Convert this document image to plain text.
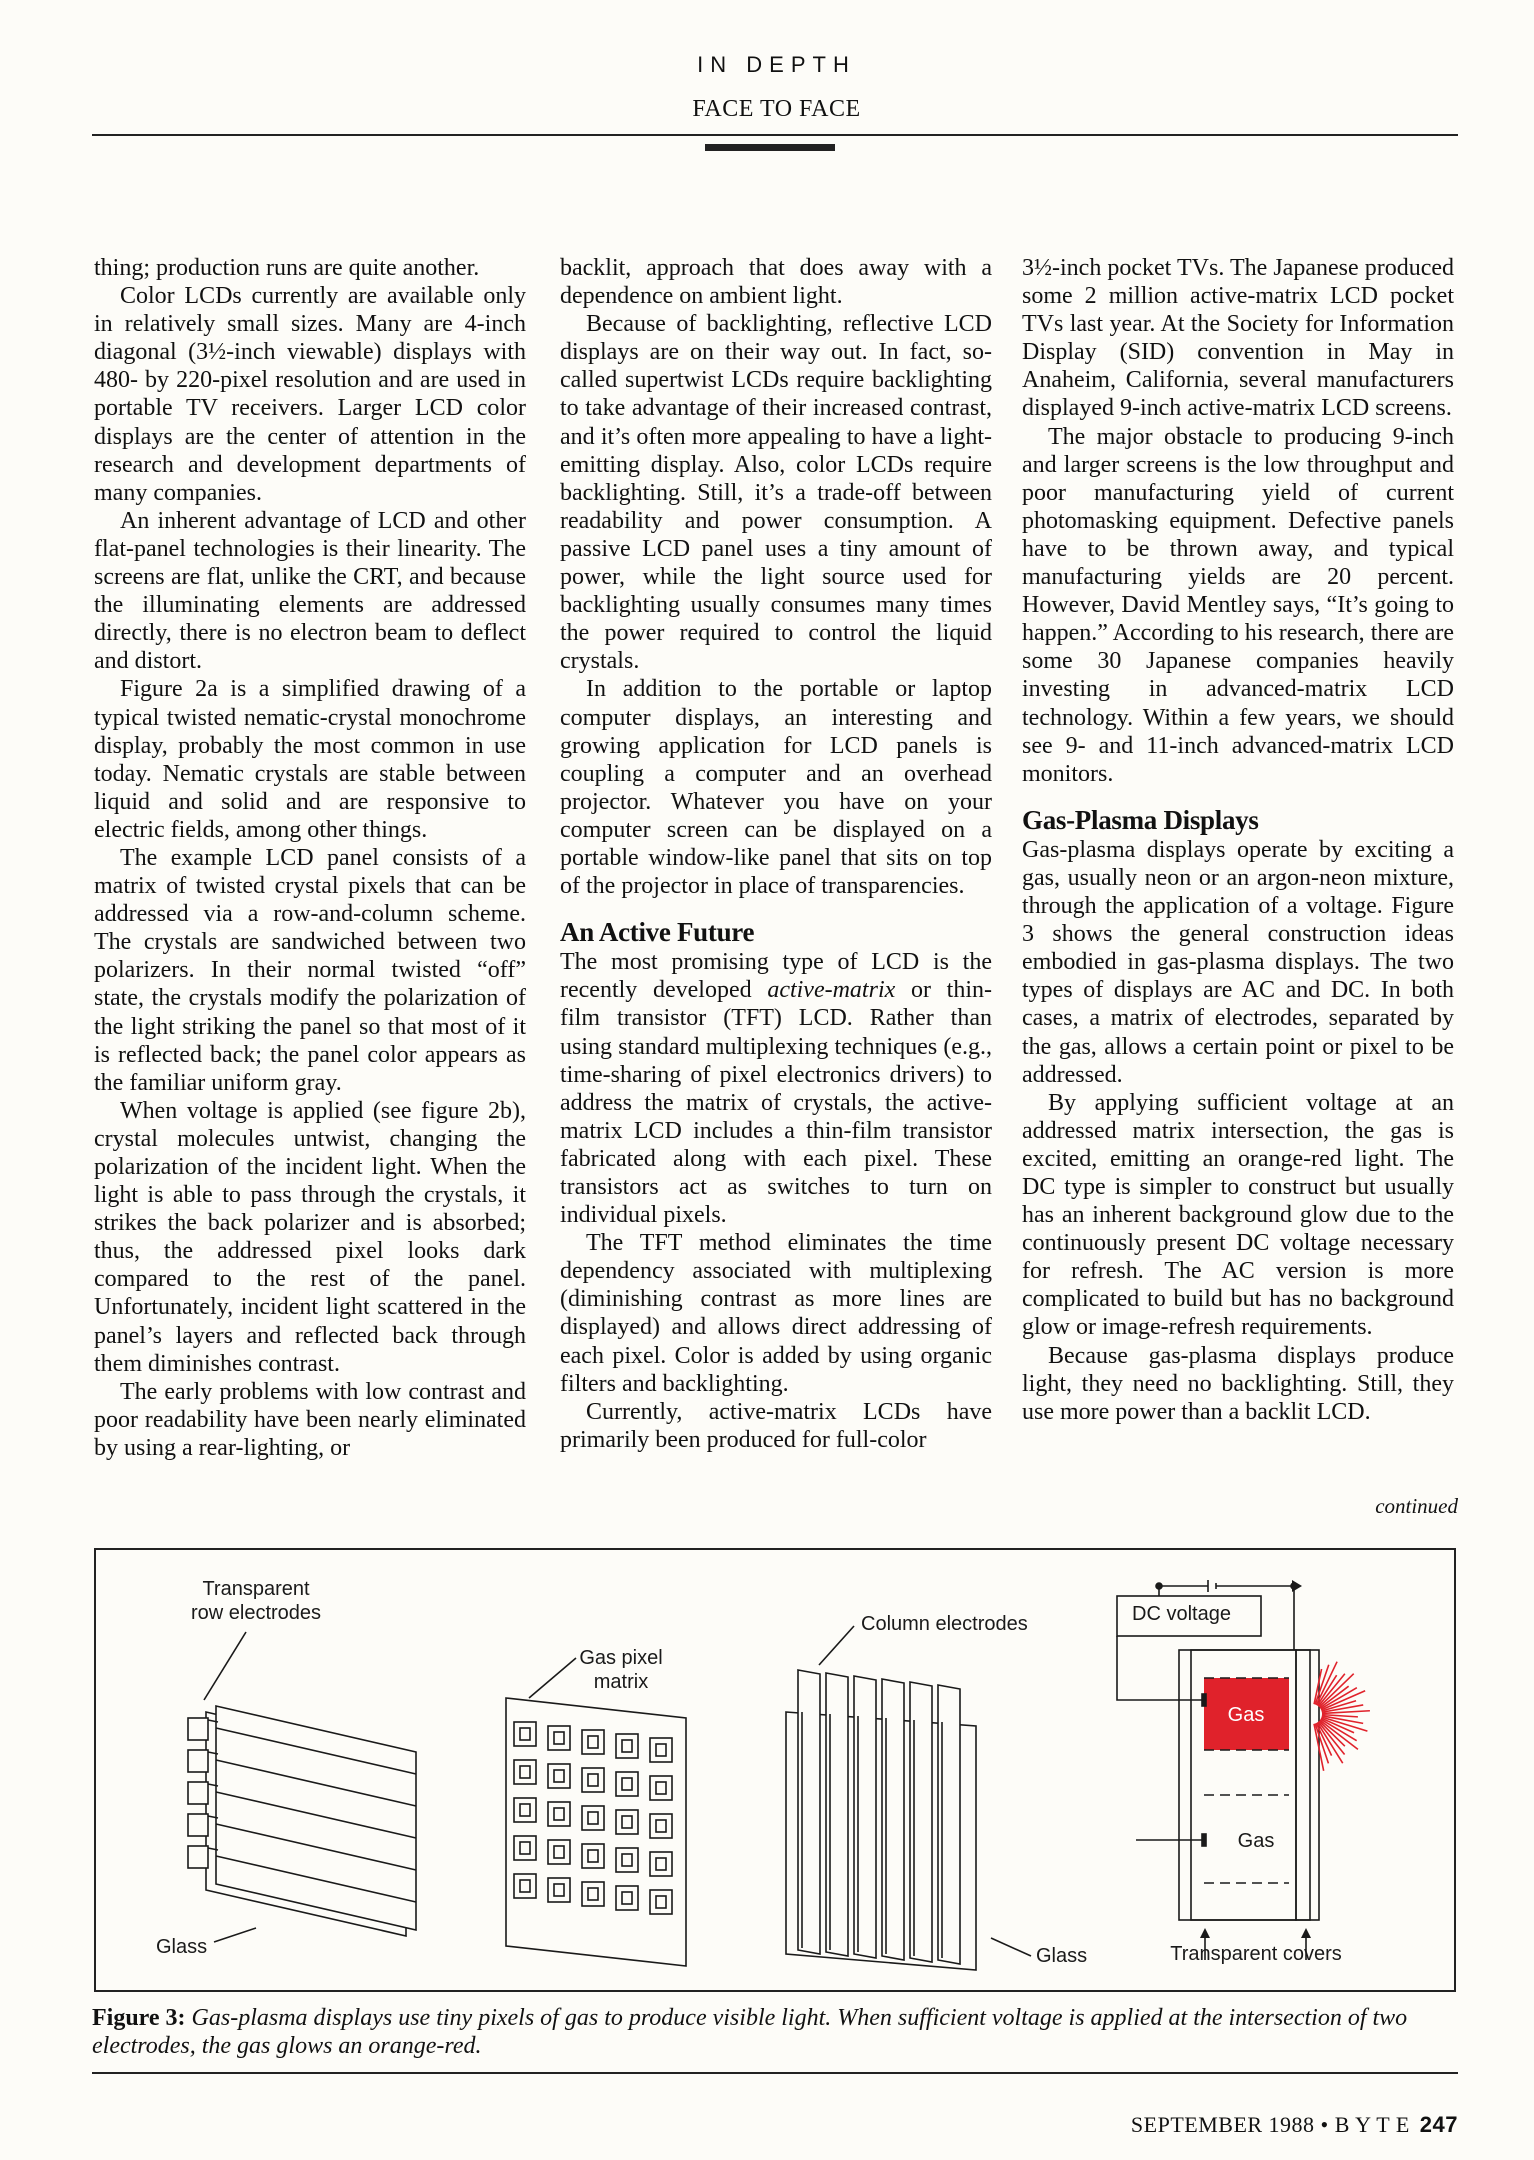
IN DEPTH
FACE TO FACE

thing; production runs are quite another.

Color LCDs currently are available only in relatively small sizes. Many are 4-inch diagonal (3½-inch viewable) displays with 480- by 220-pixel resolution and are used in portable TV receivers. Larger LCD color displays are the center of attention in the research and development departments of many companies.

An inherent advantage of LCD and other flat-panel technologies is their linearity. The screens are flat, unlike the CRT, and because the illuminating elements are addressed directly, there is no electron beam to deflect and distort.

Figure 2a is a simplified drawing of a typical twisted nematic-crystal monochrome display, probably the most common in use today. Nematic crystals are stable between liquid and solid and are responsive to electric fields, among other things.

The example LCD panel consists of a matrix of twisted crystal pixels that can be addressed via a row-and-column scheme. The crystals are sandwiched between two polarizers. In their normal twisted “off” state, the crystals modify the polarization of the light striking the panel so that most of it is reflected back; the panel color appears as the familiar uniform gray.

When voltage is applied (see figure 2b), crystal molecules untwist, changing the polarization of the incident light. When the light is able to pass through the crystals, it strikes the back polarizer and is absorbed; thus, the addressed pixel looks dark compared to the rest of the panel. Unfortunately, incident light scattered in the panel’s layers and reflected back through them diminishes contrast.

The early problems with low contrast and poor readability have been nearly eliminated by using a rear-lighting, or

backlit, approach that does away with a dependence on ambient light.

Because of backlighting, reflective LCD displays are on their way out. In fact, so-called supertwist LCDs require backlighting to take advantage of their increased contrast, and it’s often more appealing to have a light-emitting display. Also, color LCDs require backlighting. Still, it’s a trade-off between readability and power consumption. A passive LCD panel uses a tiny amount of power, while the light source used for backlighting usually consumes many times the power required to control the liquid crystals.

In addition to the portable or laptop computer displays, an interesting and growing application for LCD panels is coupling a computer and an overhead projector. Whatever you have on your computer screen can be displayed on a portable window-like panel that sits on top of the projector in place of transparencies.

An Active Future

The most promising type of LCD is the recently developed active-matrix or thin-film transistor (TFT) LCD. Rather than using standard multiplexing techniques (e.g., time-sharing of pixel electronics drivers) to address the matrix of crystals, the active-matrix LCD includes a thin-film transistor fabricated along with each pixel. These transistors act as switches to turn on individual pixels.

The TFT method eliminates the time dependency associated with multiplexing (diminishing contrast as more lines are displayed) and allows direct addressing of each pixel. Color is added by using organic filters and backlighting.

Currently, active-matrix LCDs have primarily been produced for full-color

3½-inch pocket TVs. The Japanese produced some 2 million active-matrix LCD pocket TVs last year. At the Society for Information Display (SID) convention in May in Anaheim, California, several manufacturers displayed 9-inch active-matrix LCD screens.

The major obstacle to producing 9-inch and larger screens is the low throughput and poor manufacturing yield of current photomasking equipment. Defective panels have to be thrown away, and typical manufacturing yields are 20 percent. However, David Mentley says, “It’s going to happen.” According to his research, there are some 30 Japanese companies heavily investing in advanced-matrix LCD technology. Within a few years, we should see 9- and 11-inch advanced-matrix LCD monitors.

Gas-Plasma Displays

Gas-plasma displays operate by exciting a gas, usually neon or an argon-neon mixture, through the application of a voltage. Figure 3 shows the general construction ideas embodied in gas-plasma displays. The two types of displays are AC and DC. In both cases, a matrix of electrodes, separated by the gas, allows a certain point or pixel to be addressed.

By applying sufficient voltage at an addressed matrix intersection, the gas is excited, emitting an orange-red light. The DC type is simpler to construct but usually has an inherent background glow due to the continuously present DC voltage necessary for refresh. The AC version is more complicated to build but has no background glow or image-refresh requirements.

Because gas-plasma displays produce light, they need no backlighting. Still, they use more power than a backlit LCD.

continued
Transparent
row electrodes
Glass
Gas pixel
matrix
Column electrodes
Glass
DC voltage
Gas
Gas
Transparent covers
Figure 3: Gas-plasma displays use tiny pixels of gas to produce visible light. When sufficient voltage is applied at the intersection of two electrodes, the gas glows an orange-red.
SEPTEMBER 1988 • B Y T E 247
